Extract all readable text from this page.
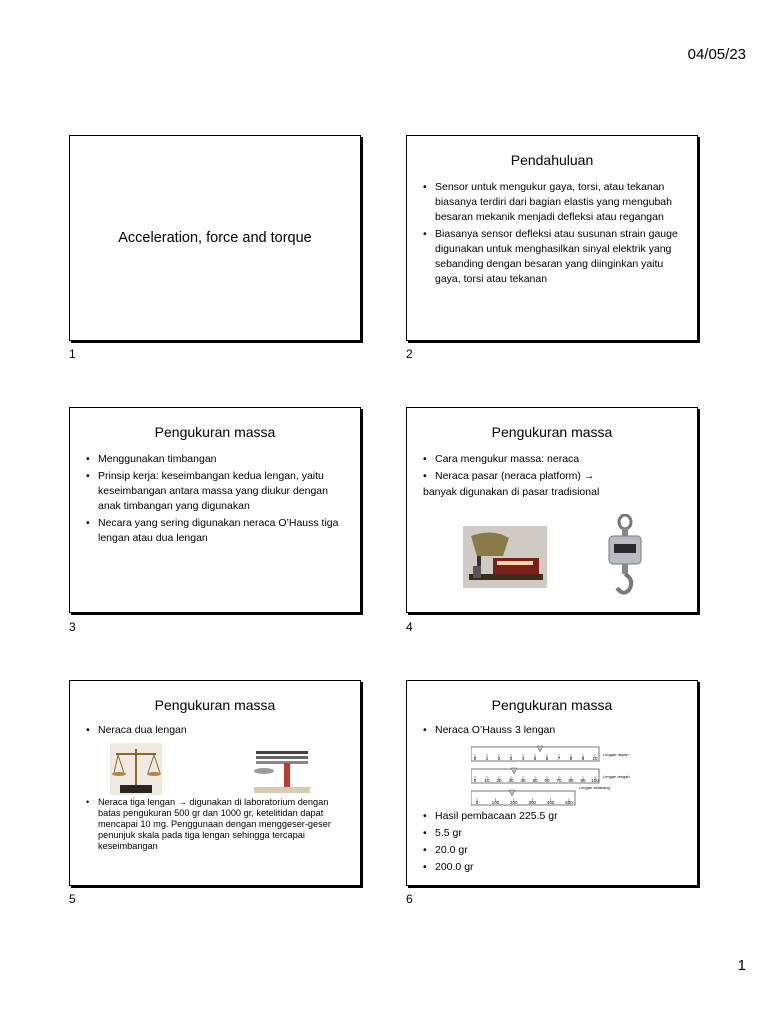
04/05/23
Acceleration, force and torque
1
Pendahuluan
• Sensor untuk mengukur gaya, torsi, atau tekanan biasanya terdiri dari bagian elastis yang mengubah besaran mekanik menjadi defleksi atau regangan
• Biasanya sensor defleksi atau susunan strain gauge digunakan untuk menghasilkan sinyal elektrik yang sebanding dengan besaran yang diinginkan yaitu gaya, torsi atau tekanan
2
Pengukuran massa
• Menggunakan timbangan
• Prinsip kerja: keseimbangan kedua lengan, yaitu keseimbangan antara massa yang diukur dengan anak timbangan yang digunakan
• Necara yang sering digunakan neraca O’Hauss tiga lengan atau dua lengan
3
Pengukuran massa
• Cara mengukur massa: neraca
• Neraca pasar (neraca platform) →
banyak digunakan di pasar tradisional
4
Pengukuran massa
• Neraca dua lengan
• Neraca tiga lengan → digunakan di laboratorium dengan batas pengukuran 500 gr dan 1000 gr, ketelitidan dapat mencapai 10 mg. Penggunaan dengan menggeser-geser penunjuk skala pada tiga lengan sehingga tercapai keseimbangan
5
Pengukuran massa
• Neraca O’Hauss 3 lengan
0 1 2 3 4 5 6 7 8 9 10
0 10 20 30 40 50 60 70 80 90 100
0	100 200 300 400 500
Lengan depan
Lengan tengah
Lengan belakang
• Hasil pembacaan 225.5 gr
• 5.5 gr
• 20.0 gr
• 200.0 gr
6
1
